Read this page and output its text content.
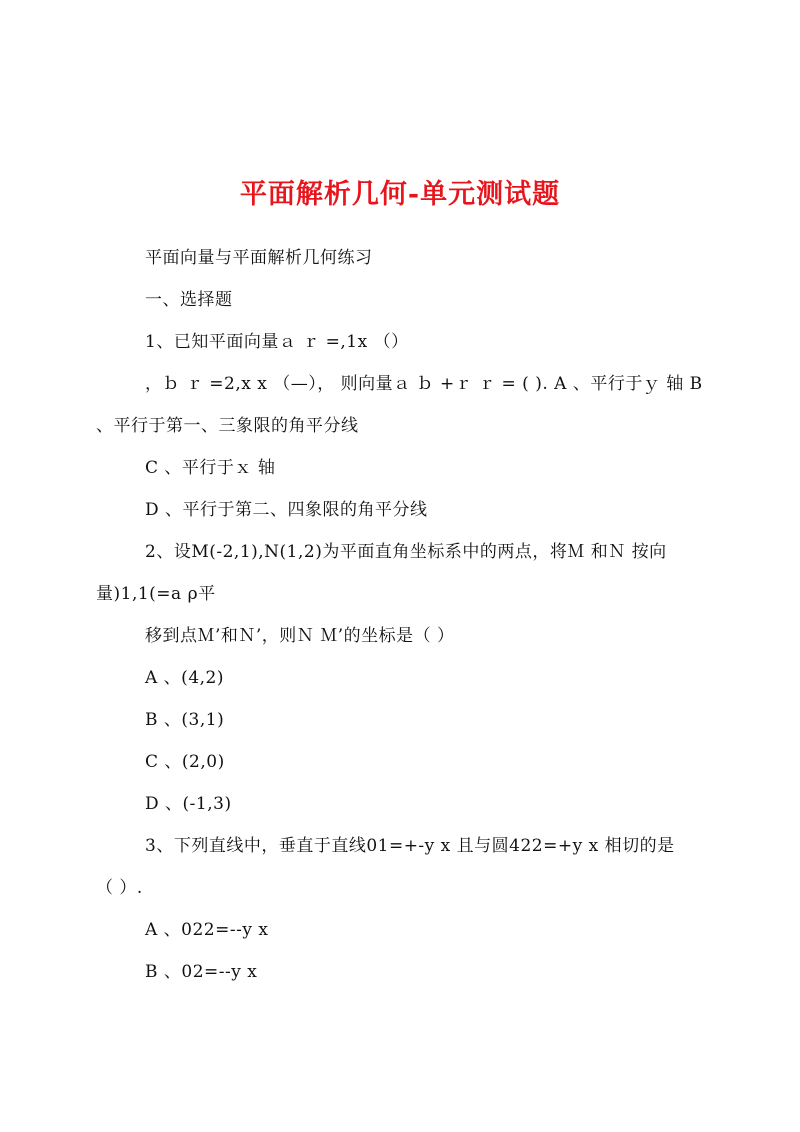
平面解析几何-单元测试题
平面向量与平面解析几何练习
一、选择题
1、已知平面向量ａ ｒ =,1x （）
，ｂ ｒ =2,x x （—）， 则向量ａ ｂ +ｒ ｒ = ( ). A 、平行于ｙ 轴 B
、平行于第一、三象限的角平分线
C 、平行于ｘ 轴
D 、平行于第二、四象限的角平分线
2、设M(-2,1),N(1,2)为平面直角坐标系中的两点，将Ｍ 和Ｎ 按向
量)1,1(=a ρ平
移到点Ｍ’和Ｎ’，则Ｎ Ｍ’的坐标是（ ）
A 、(4,2)
B 、(3,1)
C 、(2,0)
D 、(-1,3)
3、下列直线中，垂直于直线01=+-y x 且与圆422=+y x 相切的是
（ ）.
A 、022=--y x
B 、02=--y x
